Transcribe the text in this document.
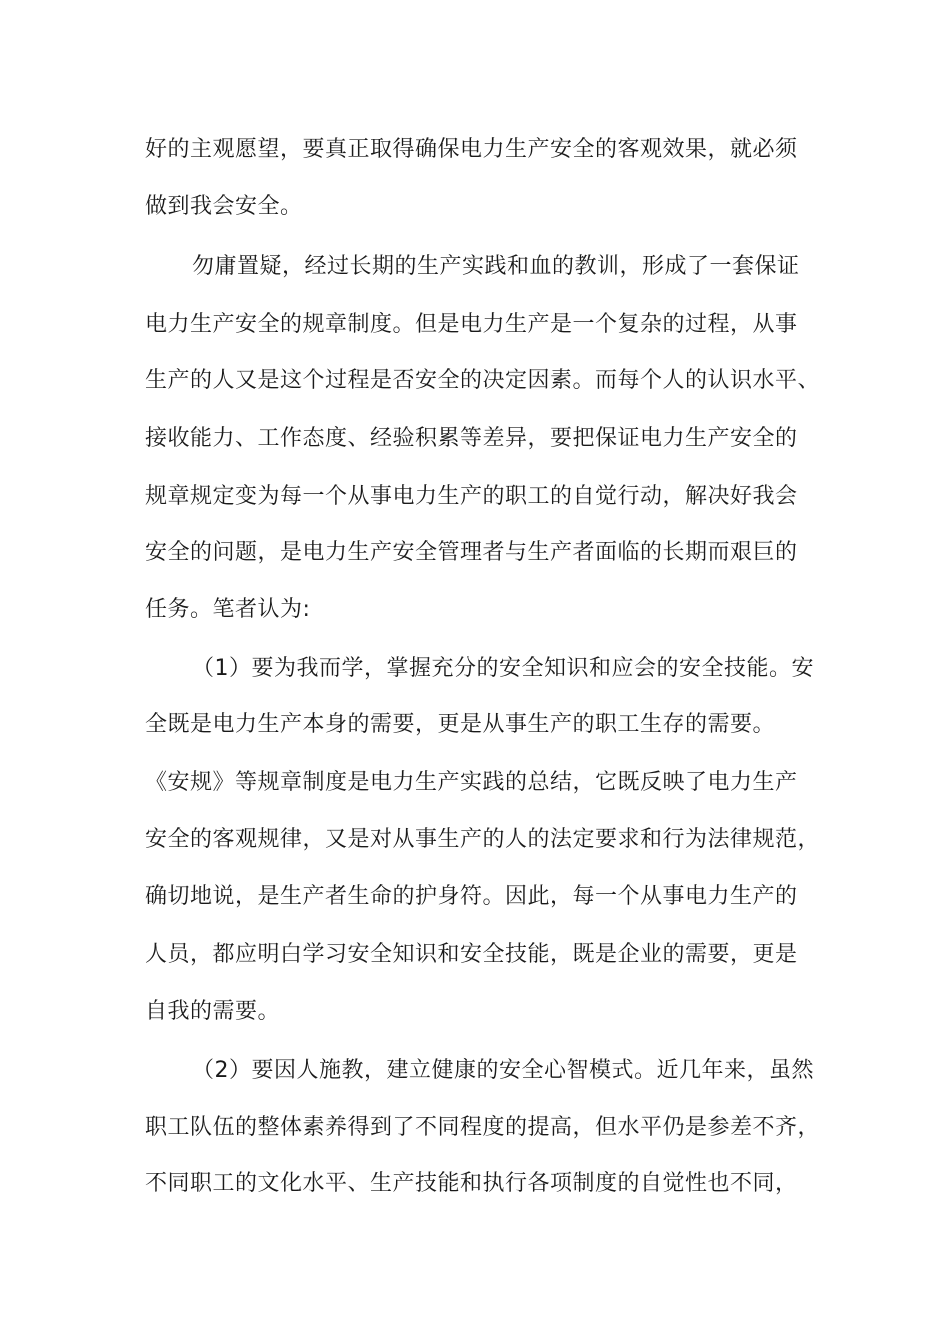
好的主观愿望，要真正取得确保电力生产安全的客观效果，就必须
做到我会安全。
勿庸置疑，经过长期的生产实践和血的教训，形成了一套保证
电力生产安全的规章制度。但是电力生产是一个复杂的过程，从事
生产的人又是这个过程是否安全的决定因素。而每个人的认识水平、
接收能力、工作态度、经验积累等差异，要把保证电力生产安全的
规章规定变为每一个从事电力生产的职工的自觉行动，解决好我会
安全的问题，是电力生产安全管理者与生产者面临的长期而艰巨的
任务。笔者认为:
（1）要为我而学，掌握充分的安全知识和应会的安全技能。安
全既是电力生产本身的需要，更是从事生产的职工生存的需要。
《安规》等规章制度是电力生产实践的总结，它既反映了电力生产
安全的客观规律，又是对从事生产的人的法定要求和行为法律规范，
确切地说，是生产者生命的护身符。因此，每一个从事电力生产的
人员，都应明白学习安全知识和安全技能，既是企业的需要，更是
自我的需要。
（2）要因人施教，建立健康的安全心智模式。近几年来，虽然
职工队伍的整体素养得到了不同程度的提高，但水平仍是参差不齐，
不同职工的文化水平、生产技能和执行各项制度的自觉性也不同，
